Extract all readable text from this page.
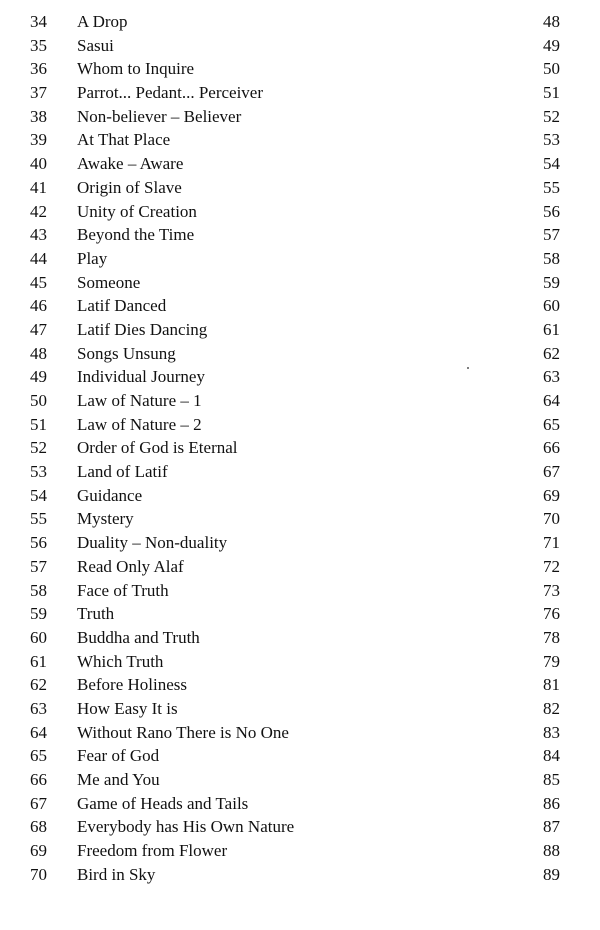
34	A Drop	48
35	Sasui	49
36	Whom to Inquire	50
37	Parrot... Pedant... Perceiver	51
38	Non-believer – Believer	52
39	At That Place	53
40	Awake – Aware	54
41	Origin of Slave	55
42	Unity of Creation	56
43	Beyond the Time	57
44	Play	58
45	Someone	59
46	Latif Danced	60
47	Latif Dies Dancing	61
48	Songs Unsung	62
49	Individual Journey	63
50	Law of Nature – 1	64
51	Law of Nature – 2	65
52	Order of God is Eternal	66
53	Land of Latif	67
54	Guidance	69
55	Mystery	70
56	Duality – Non-duality	71
57	Read Only Alaf	72
58	Face of Truth	73
59	Truth	76
60	Buddha and Truth	78
61	Which Truth	79
62	Before Holiness	81
63	How Easy It is	82
64	Without Rano There is No One	83
65	Fear of God	84
66	Me and You	85
67	Game of Heads and Tails	86
68	Everybody has His Own Nature	87
69	Freedom from Flower	88
70	Bird in Sky	89
